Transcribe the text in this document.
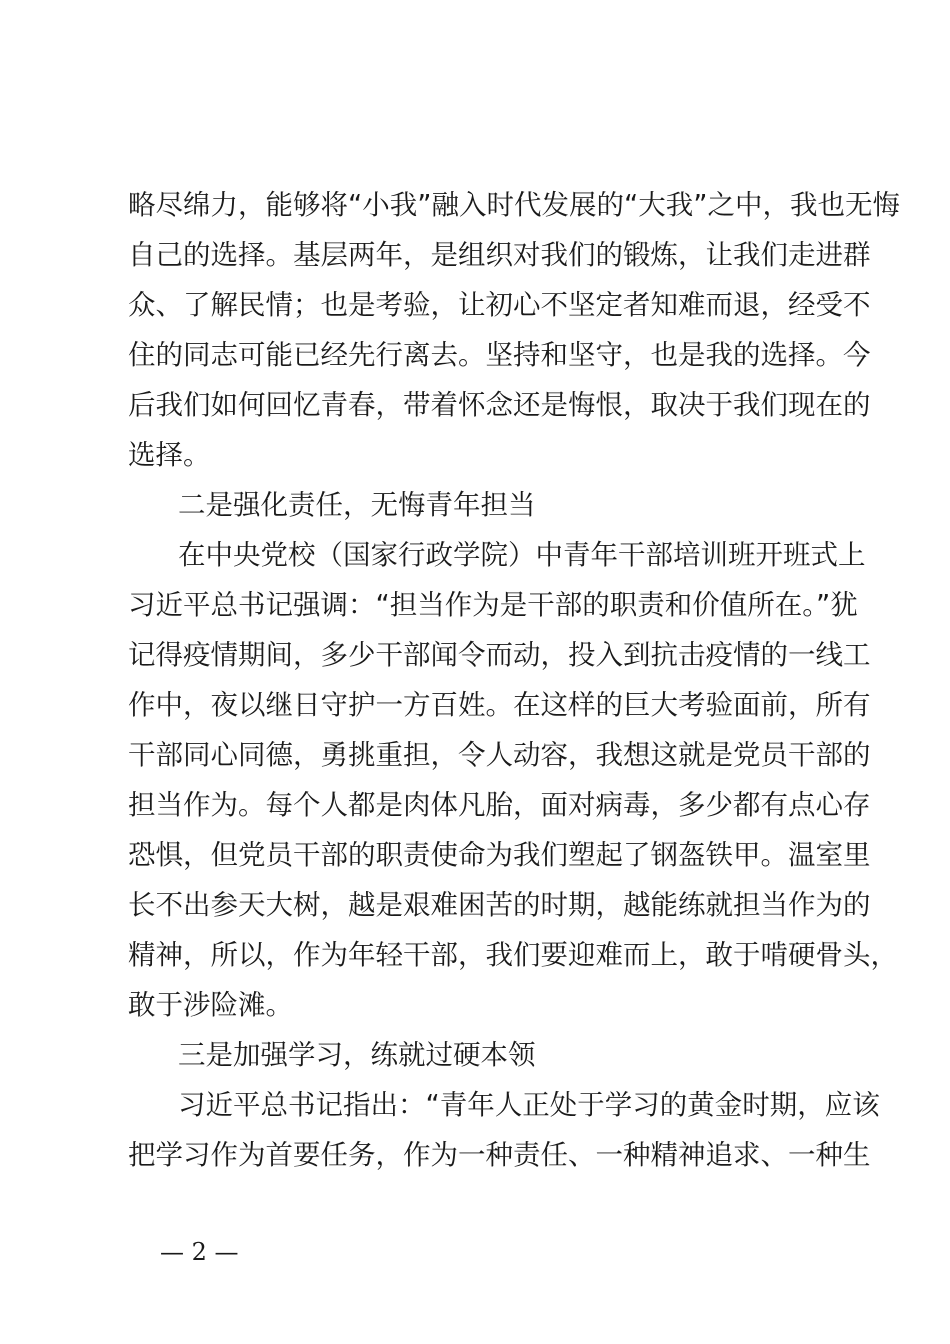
略尽绵力，能够将“小我”融入时代发展的“大我”之中，我也无悔
自己的选择。基层两年，是组织对我们的锻炼，让我们走进群
众、了解民情；也是考验，让初心不坚定者知难而退，经受不
住的同志可能已经先行离去。坚持和坚守，也是我的选择。今
后我们如何回忆青春，带着怀念还是悔恨，取决于我们现在的
选择。
二是强化责任，无悔青年担当
在中央党校（国家行政学院）中青年干部培训班开班式上
习近平总书记强调：“担当作为是干部的职责和价值所在。”犹
记得疫情期间，多少干部闻令而动，投入到抗击疫情的一线工
作中，夜以继日守护一方百姓。在这样的巨大考验面前，所有
干部同心同德，勇挑重担，令人动容，我想这就是党员干部的
担当作为。每个人都是肉体凡胎，面对病毒，多少都有点心存
恐惧，但党员干部的职责使命为我们塑起了钢盔铁甲。温室里
长不出参天大树，越是艰难困苦的时期，越能练就担当作为的
精神，所以，作为年轻干部，我们要迎难而上，敢于啃硬骨头，
敢于涉险滩。
三是加强学习，练就过硬本领
习近平总书记指出：“青年人正处于学习的黄金时期，应该
把学习作为首要任务，作为一种责任、一种精神追求、一种生
— 2 —
